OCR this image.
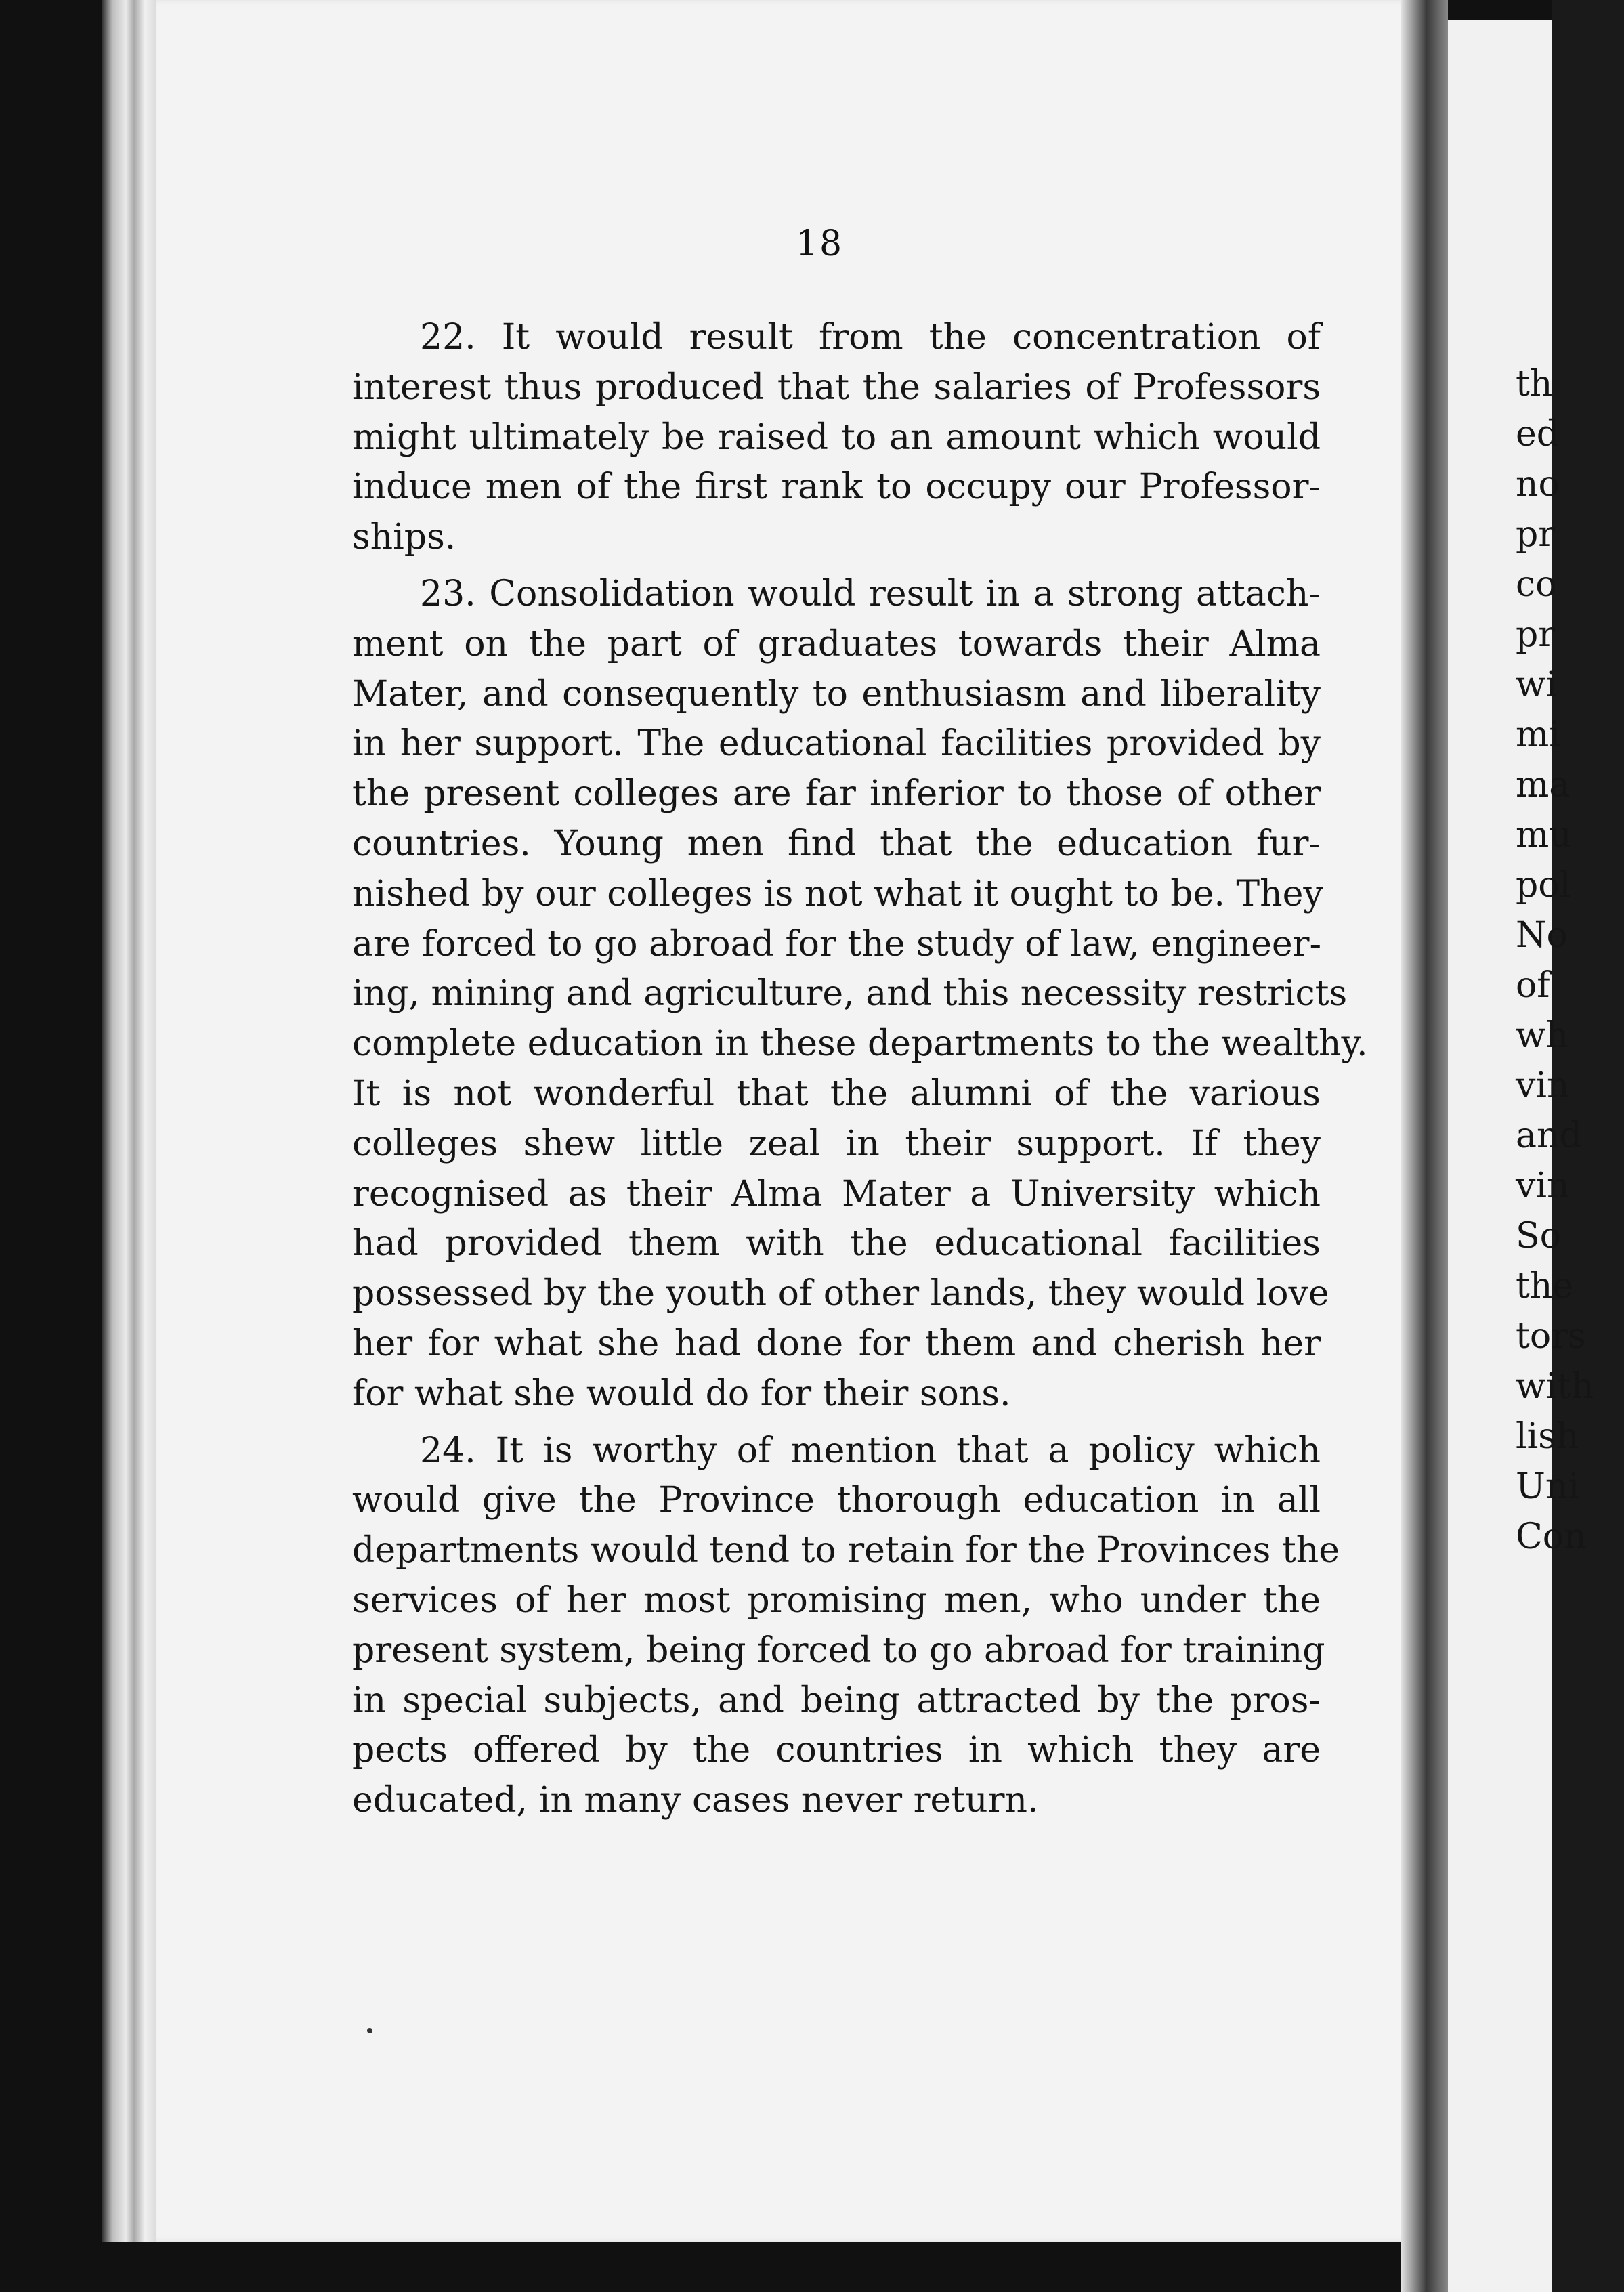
18
22. It would result from the concentration of
interest thus produced that the salaries of Professors
might ultimately be raised to an amount which would
induce men of the first rank to occupy our Professor-
ships.
23. Consolidation would result in a strong attach-
ment on the part of graduates towards their Alma
Mater, and consequently to enthusiasm and liberality
in her support. The educational facilities provided by
the present colleges are far inferior to those of other
countries. Young men find that the education fur-
nished by our colleges is not what it ought to be. They
are forced to go abroad for the study of law, engineer-
ing, mining and agriculture, and this necessity restricts
complete education in these departments to the wealthy.
It is not wonderful that the alumni of the various
colleges shew little zeal in their support. If they
recognised as their Alma Mater a University which
had provided them with the educational facilities
possessed by the youth of other lands, they would love
her for what she had done for them and cherish her
for what she would do for their sons.
24. It is worthy of mention that a policy which
would give the Province thorough education in all
departments would tend to retain for the Provinces the
services of her most promising men, who under the
present system, being forced to go abroad for training
in special subjects, and being attracted by the pros-
pects offered by the countries in which they are
educated, in many cases never return.
th
ed
no
pr
co
pr
wi
mi
ma
mu
pol
No
of
wh
vin
and
vin
So
the
tors
with
lish
Uni
Con
